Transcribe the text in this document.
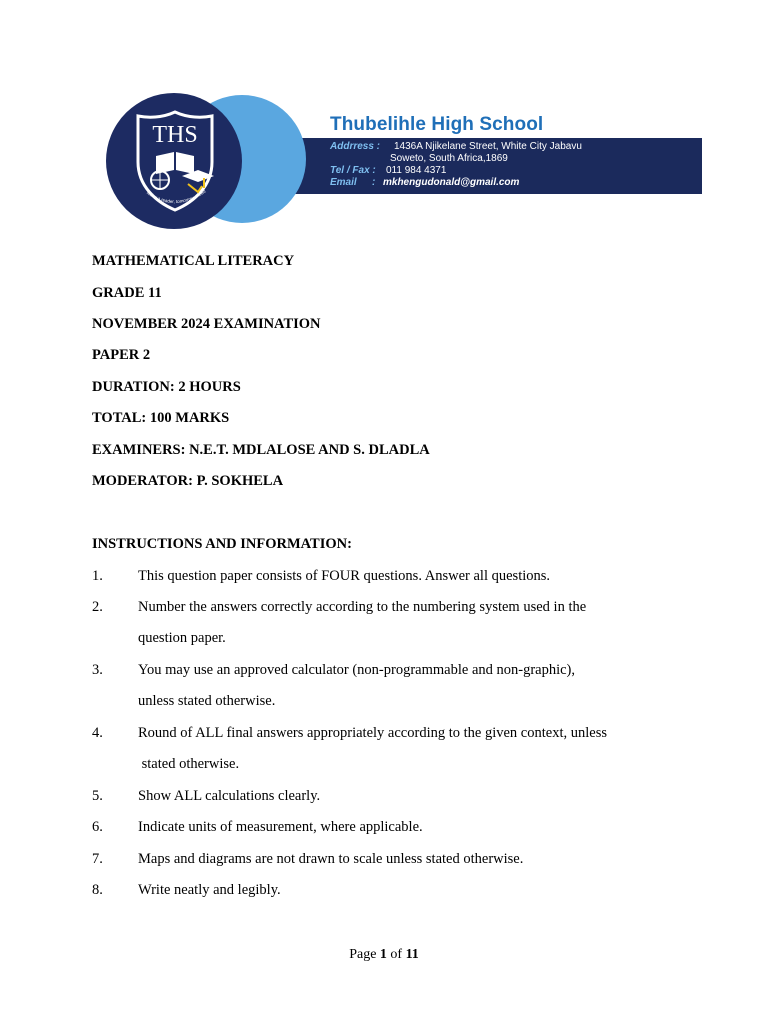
THS
Today a reader, tomorrow a lead
Thubelihle High School
Addrress : 1436A Njikelane Street, White City Jabavu
Soweto, South Africa,1869
Tel / Fax : 011 984 4371
Email : mkhengudonald@gmail.com
MATHEMATICAL LITERACY
GRADE 11
NOVEMBER 2024 EXAMINATION
PAPER 2
DURATION: 2 HOURS
TOTAL: 100 MARKS
EXAMINERS: N.E.T. MDLALOSE AND S. DLADLA
MODERATOR: P. SOKHELA
INSTRUCTIONS AND INFORMATION:
1. This question paper consists of FOUR questions. Answer all questions.
2. Number the answers correctly according to the numbering system used in the
question paper.
3. You may use an approved calculator (non-programmable and non-graphic),
unless stated otherwise.
4. Round of ALL final answers appropriately according to the given context, unless
stated otherwise.
5. Show ALL calculations clearly.
6. Indicate units of measurement, where applicable.
7. Maps and diagrams are not drawn to scale unless stated otherwise.
8. Write neatly and legibly.
Page 1 of 11
